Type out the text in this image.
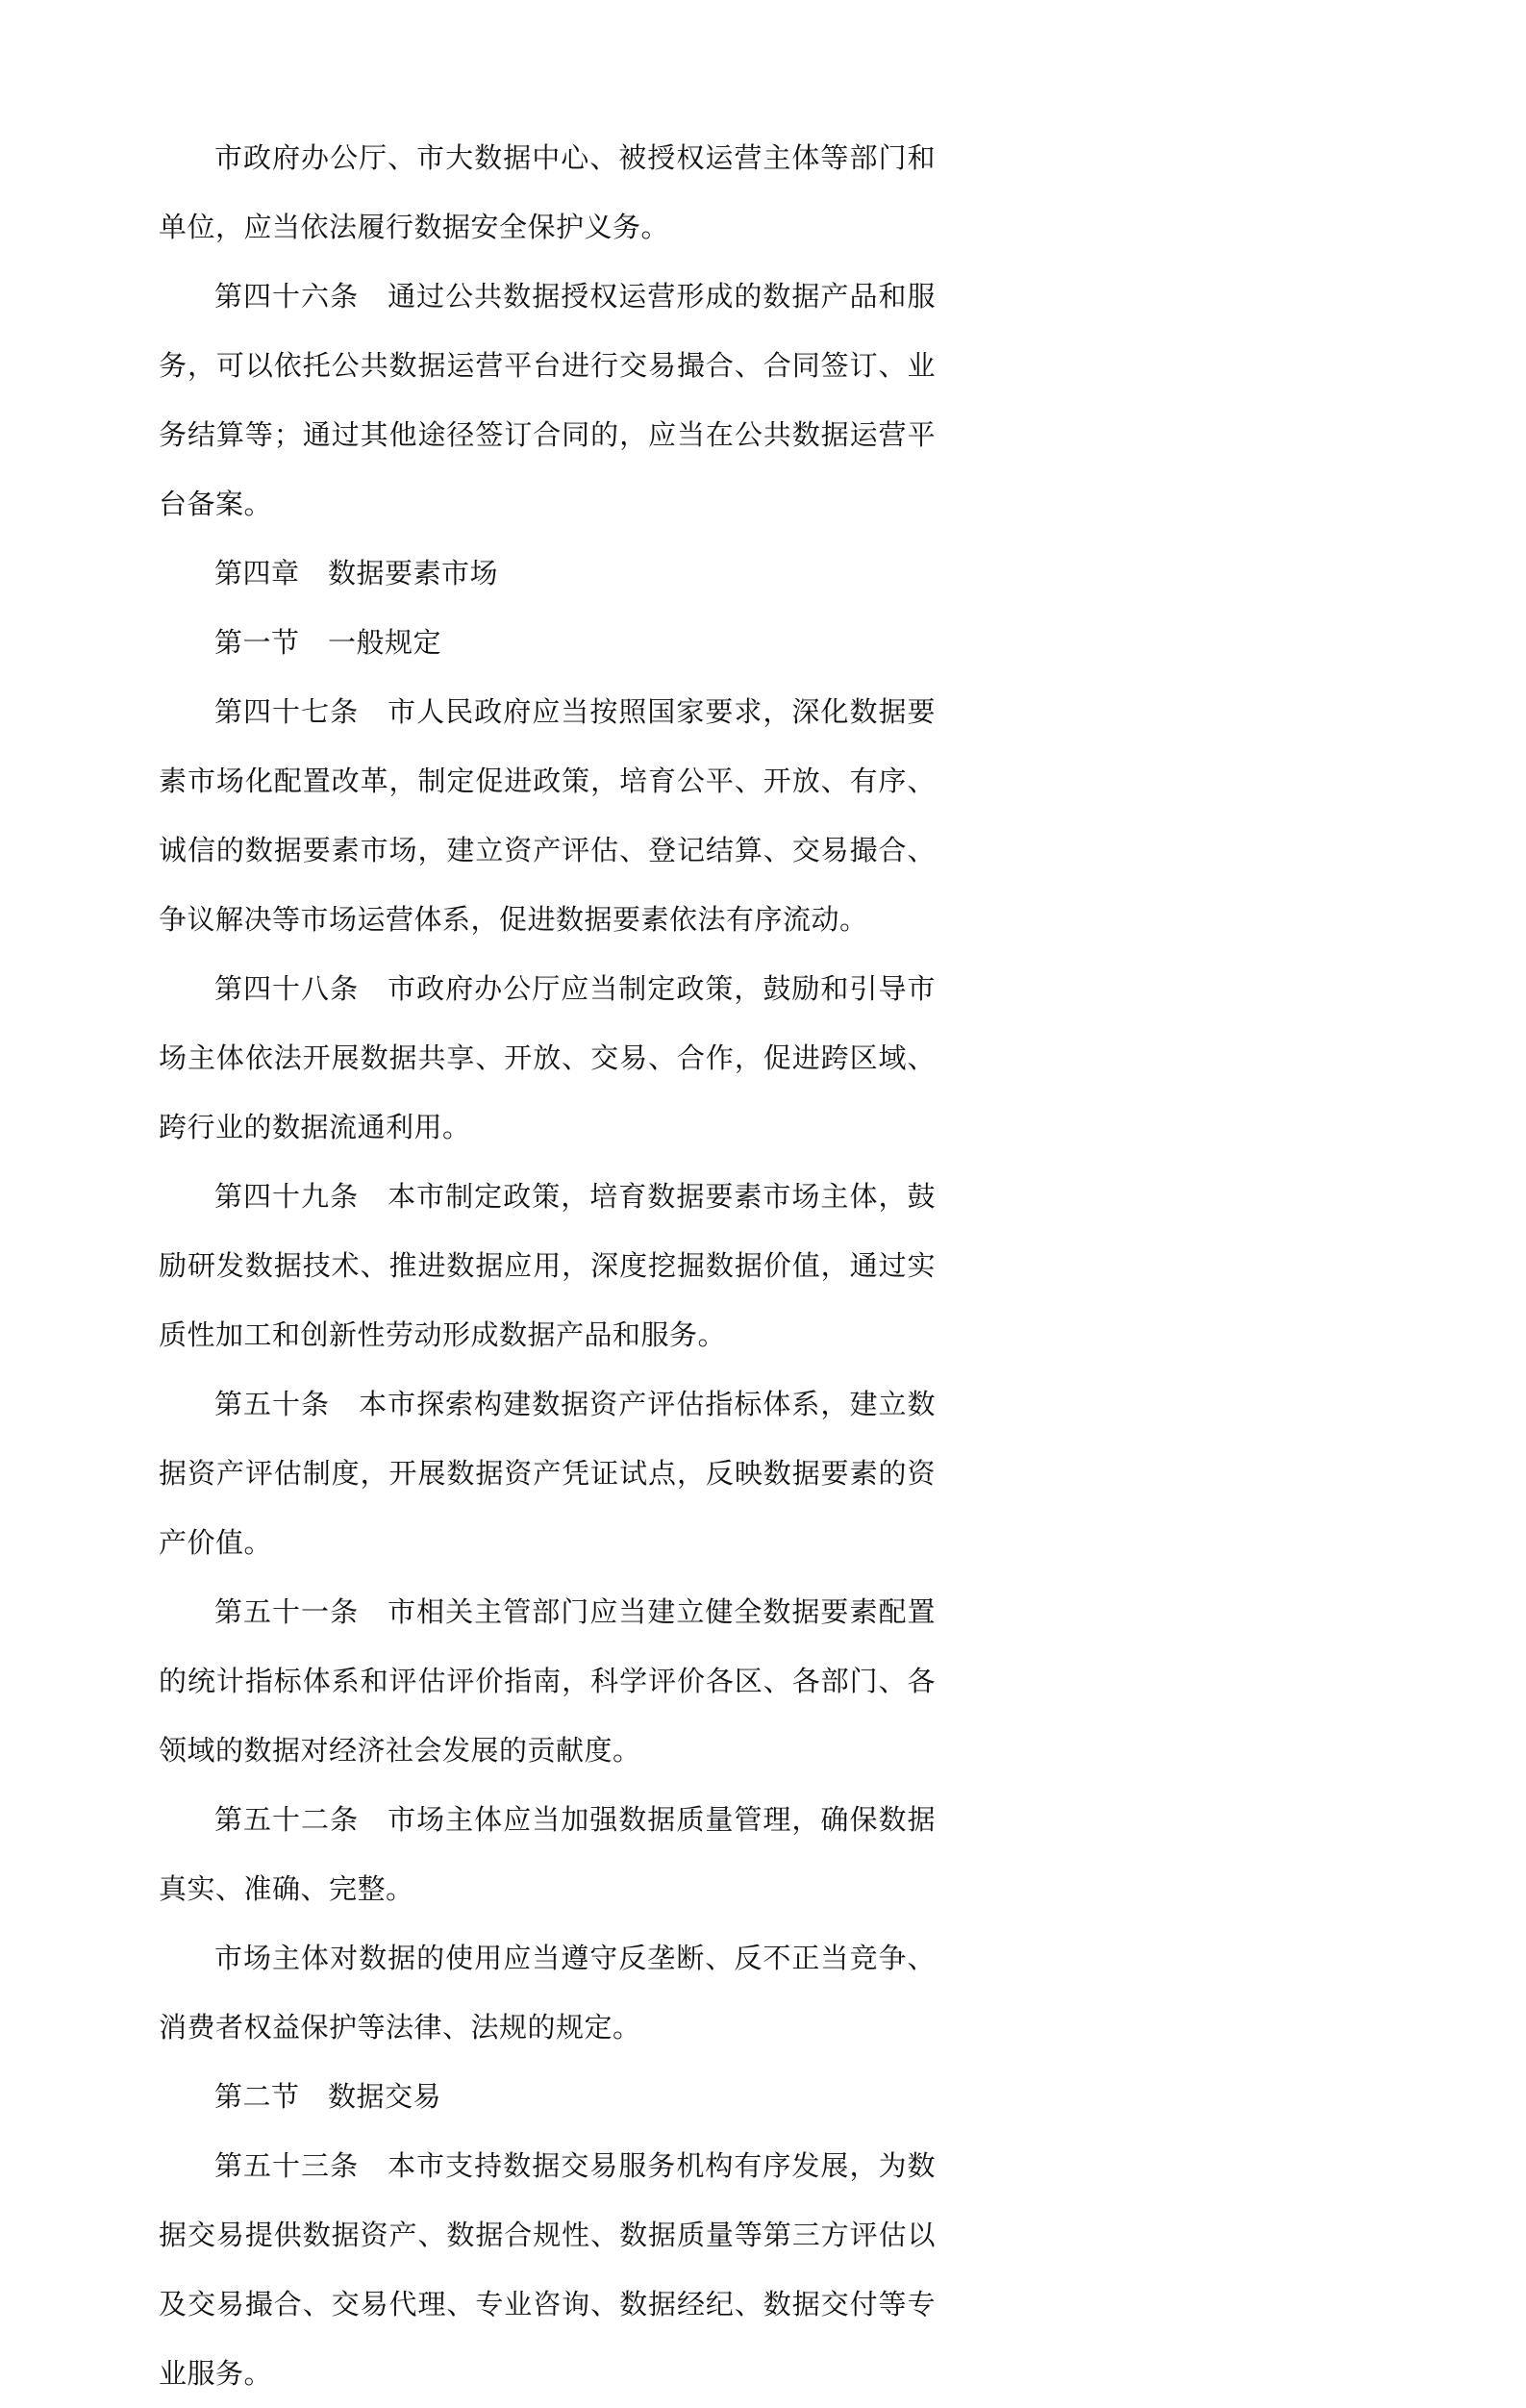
市政府办公厅、市大数据中心、被授权运营主体等部门和单位，应当依法履行数据安全保护义务。

第四十六条　通过公共数据授权运营形成的数据产品和服务，可以依托公共数据运营平台进行交易撮合、合同签订、业务结算等；通过其他途径签订合同的，应当在公共数据运营平台备案。

第四章　数据要素市场

第一节　一般规定

第四十七条　市人民政府应当按照国家要求，深化数据要素市场化配置改革，制定促进政策，培育公平、开放、有序、诚信的数据要素市场，建立资产评估、登记结算、交易撮合、争议解决等市场运营体系，促进数据要素依法有序流动。

第四十八条　市政府办公厅应当制定政策，鼓励和引导市场主体依法开展数据共享、开放、交易、合作，促进跨区域、跨行业的数据流通利用。

第四十九条　本市制定政策，培育数据要素市场主体，鼓励研发数据技术、推进数据应用，深度挖掘数据价值，通过实质性加工和创新性劳动形成数据产品和服务。

第五十条　本市探索构建数据资产评估指标体系，建立数据资产评估制度，开展数据资产凭证试点，反映数据要素的资产价值。

第五十一条　市相关主管部门应当建立健全数据要素配置的统计指标体系和评估评价指南，科学评价各区、各部门、各领域的数据对经济社会发展的贡献度。

第五十二条　市场主体应当加强数据质量管理，确保数据真实、准确、完整。

市场主体对数据的使用应当遵守反垄断、反不正当竞争、消费者权益保护等法律、法规的规定。

第二节　数据交易

第五十三条　本市支持数据交易服务机构有序发展，为数据交易提供数据资产、数据合规性、数据质量等第三方评估以及交易撮合、交易代理、专业咨询、数据经纪、数据交付等专业服务。
